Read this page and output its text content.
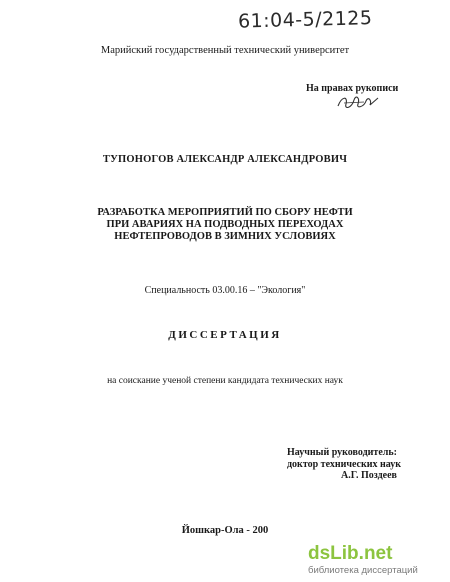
61:04-5/2125
Марийский государственный технический университет
На правах рукописи
ТУПОНОГОВ АЛЕКСАНДР АЛЕКСАНДРОВИЧ
РАЗРАБОТКА МЕРОПРИЯТИЙ ПО СБОРУ НЕФТИ
ПРИ АВАРИЯХ НА ПОДВОДНЫХ ПЕРЕХОДАХ
НЕФТЕПРОВОДОВ В ЗИМНИХ УСЛОВИЯХ
Специальность 03.00.16 – "Экология"
ДИССЕРТАЦИЯ
на соискание ученой степени кандидата технических наук
Научный руководитель:
доктор технических наук
А.Г. Поздеев
Йошкар-Ола - 200
dsLib.net
библиотека диссертаций
